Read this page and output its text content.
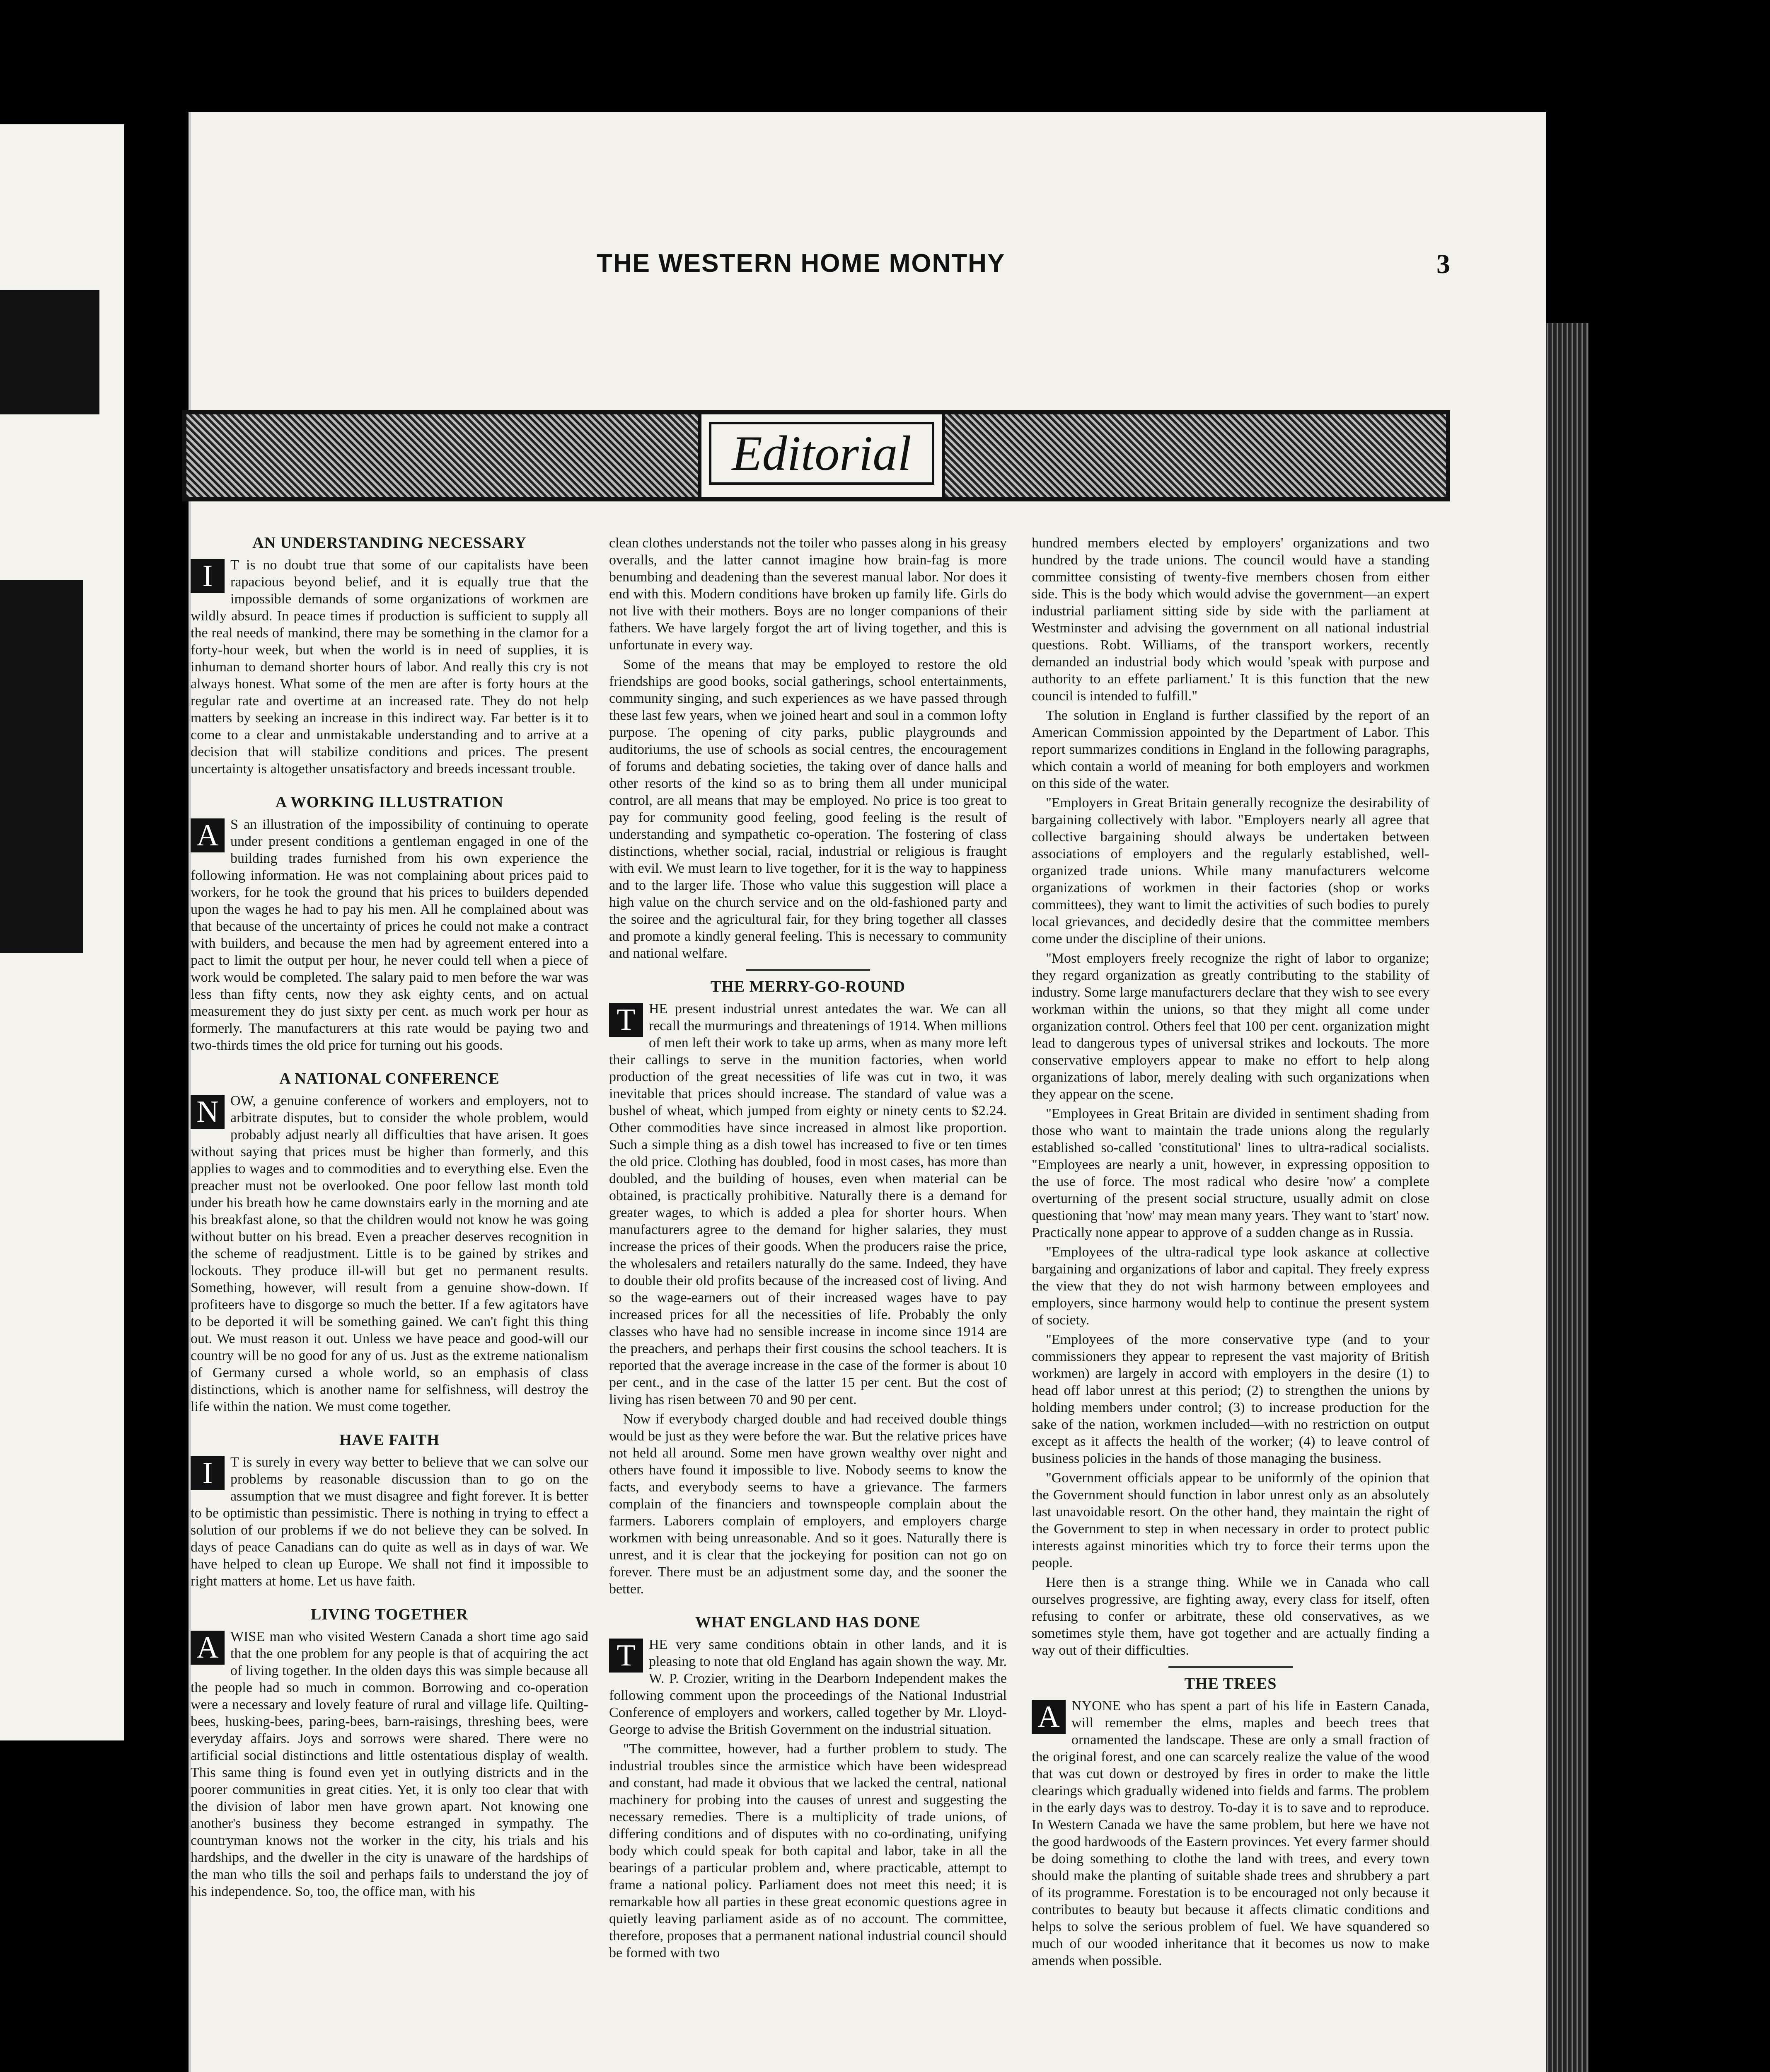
THE WESTERN HOME MONTHY	3
Editorial
AN UNDERSTANDING NECESSARY

I	T is no doubt true that some of our capitalists have been rapacious beyond belief, and it is equally true that the impossible demands of some organizations of workmen are wildly absurd. In peace times if production is sufficient to supply all the real needs of mankind, there may be something in the clamor for a forty-hour week, but when the world is in need of supplies, it is inhuman to demand shorter hours of labor. And really this cry is not always honest. What some of the men are after is forty hours at the regular rate and overtime at an increased rate. They do not help matters by seeking an increase in this indirect way. Far better is it to come to a clear and unmistakable understanding and to arrive at a decision that will stabilize conditions and prices. The present uncertainty is altogether unsatisfactory and breeds incessant trouble.

A WORKING ILLUSTRATION

A S an illustration of the impossibility of continuing to operate under present conditions a gentleman engaged in one of the building trades furnished from his own experience the following information. He was not complaining about prices paid to workers, for he took the ground that his prices to builders depended upon the wages he had to pay his men. All he complained about was that because of the uncertainty of prices he could not make a contract with builders, and because the men had by agreement entered into a pact to limit the output per hour, he never could tell when a piece of work would be completed. The salary paid to men before the war was less than fifty cents, now they ask eighty cents, and on actual measurement they do just sixty per cent. as much work per hour as formerly. The manufacturers at this rate would be paying two and two-thirds times the old price for turning out his goods.

A NATIONAL CONFERENCE

N OW, a genuine conference of workers and employers, not to arbitrate disputes, but to consider the whole problem, would probably adjust nearly all difficulties that have arisen. It goes without saying that prices must be higher than formerly, and this applies to wages and to commodities and to everything else. Even the preacher must not be overlooked. One poor fellow last month told under his breath how he came downstairs early in the morning and ate his breakfast alone, so that the children would not know he was going without butter on his bread. Even a preacher deserves recognition in the scheme of readjustment. Little is to be gained by strikes and lockouts. They produce ill-will but get no permanent results. Something, however, will result from a genuine show-down. If profiteers have to disgorge so much the better. If a few agitators have to be deported it will be something gained. We can't fight this thing out. We must reason it out. Unless we have peace and good-will our country will be no good for any of us. Just as the extreme nationalism of Germany cursed a whole world, so an emphasis of class distinctions, which is another name for selfishness, will destroy the life within the nation. We must come together.

HAVE FAITH

I	T is surely in every way better to believe that we can solve our problems by reasonable discussion than to go on the assumption that we must disagree and fight forever. It is better to be optimistic than pessimistic. There is nothing in trying to effect a solution of our problems if we do not believe they can be solved. In days of peace Canadians can do quite as well as in days of war. We have helped to clean up Europe. We shall not find it impossible to right matters at home. Let us have faith.

LIVING TOGETHER

A WISE man who visited Western Canada a short time ago said that the one problem for any people is that of acquiring the act of living together. In the olden days this was simple because all the people had so much in common. Borrowing and co-operation were a necessary and lovely feature of rural and village life. Quilting-bees, husking-bees, paring-bees, barn-raisings, threshing bees, were everyday affairs. Joys and sorrows were shared. There were no artificial social distinctions and little ostentatious display of wealth. This same thing is found even yet in outlying districts and in the poorer communities in great cities. Yet, it is only too clear that with the division of labor men have grown apart. Not knowing one another's business they become estranged in sympathy. The countryman knows not the worker in the city, his trials and his hardships, and the dweller in the city is unaware of the hardships of the man who tills the soil and perhaps fails to understand the joy of his independence. So, too, the office man, with his

clean clothes understands not the toiler who passes along in his greasy overalls, and the latter cannot imagine how brain-fag is more benumbing and deadening than the severest manual labor. Nor does it end with this. Modern conditions have broken up family life. Girls do not live with their mothers. Boys are no longer companions of their fathers. We have largely forgot the art of living together, and this is unfortunate in every way.

Some of the means that may be employed to restore the old friendships are good books, social gatherings, school entertainments, community singing, and such experiences as we have passed through these last few years, when we joined heart and soul in a common lofty purpose. The opening of city parks, public playgrounds and auditoriums, the use of schools as social centres, the encouragement of forums and debating societies, the taking over of dance halls and other resorts of the kind so as to bring them all under municipal control, are all means that may be employed. No price is too great to pay for community good feeling, good feeling is the result of understanding and sympathetic co-operation. The fostering of class distinctions, whether social, racial, industrial or religious is fraught with evil. We must learn to live together, for it is the way to happiness and to the larger life. Those who value this suggestion will place a high value on the church service and on the old-fashioned party and the soiree and the agricultural fair, for they bring together all classes and promote a kindly general feeling. This is necessary to community and national welfare.

THE MERRY-GO-ROUND

T HE present industrial unrest antedates the war. We can all recall the murmurings and threatenings of 1914. When millions of men left their work to take up arms, when as many more left their callings to serve in the munition factories, when world production of the great necessities of life was cut in two, it was inevitable that prices should increase. The standard of value was a bushel of wheat, which jumped from eighty or ninety cents to $2.24. Other commodities have since increased in almost like proportion. Such a simple thing as a dish towel has increased to five or ten times the old price. Clothing has doubled, food in most cases, has more than doubled, and the building of houses, even when material can be obtained, is practically prohibitive. Naturally there is a demand for greater wages, to which is added a plea for shorter hours. When manufacturers agree to the demand for higher salaries, they must increase the prices of their goods. When the producers raise the price, the wholesalers and retailers naturally do the same. Indeed, they have to double their old profits because of the increased cost of living. And so the wage-earners out of their increased wages have to pay increased prices for all the necessities of life. Probably the only classes who have had no sensible increase in income since 1914 are the preachers, and perhaps their first cousins the school teachers. It is reported that the average increase in the case of the former is about 10 per cent., and in the case of the latter 15 per cent. But the cost of living has risen between 70 and 90 per cent.

Now if everybody charged double and had received double things would be just as they were before the war. But the relative prices have not held all around. Some men have grown wealthy over night and others have found it impossible to live. Nobody seems to know the facts, and everybody seems to have a grievance. The farmers complain of the financiers and townspeople complain about the farmers. Laborers complain of employers, and employers charge workmen with being unreasonable. And so it goes. Naturally there is unrest, and it is clear that the jockeying for position can not go on forever. There must be an adjustment some day, and the sooner the better.

WHAT ENGLAND HAS DONE

T HE very same conditions obtain in other lands, and it is pleasing to note that old England has again shown the way. Mr. W. P. Crozier, writing in the Dearborn Independent makes the following comment upon the proceedings of the National Industrial Conference of employers and workers, called together by Mr. Lloyd-George to advise the British Government on the industrial situation.

"The committee, however, had a further problem to study. The industrial troubles since the armistice which have been widespread and constant, had made it obvious that we lacked the central, national machinery for probing into the causes of unrest and suggesting the necessary remedies. There is a multiplicity of trade unions, of differing conditions and of disputes with no co-ordinating, unifying body which could speak for both capital and labor, take in all the bearings of a particular problem and, where practicable, attempt to frame a national policy. Parliament does not meet this need; it is remarkable how all parties in these great economic questions agree in quietly leaving parliament aside as of no account. The committee, therefore, proposes that a permanent national industrial council should be formed with two

hundred members elected by employers' organizations and two hundred by the trade unions. The council would have a standing committee consisting of twenty-five members chosen from either side. This is the body which would advise the government—an expert industrial parliament sitting side by side with the parliament at Westminster and advising the government on all national industrial questions. Robt. Williams, of the transport workers, recently demanded an industrial body which would 'speak with purpose and authority to an effete parliament.' It is this function that the new council is intended to fulfill."

The solution in England is further classified by the report of an American Commission appointed by the Department of Labor. This report summarizes conditions in England in the following paragraphs, which contain a world of meaning for both employers and workmen on this side of the water.

"Employers in Great Britain generally recognize the desirability of bargaining collectively with labor. "Employers nearly all agree that collective bargaining should always be undertaken between associations of employers and the regularly established, well-organized trade unions. While many manufacturers welcome organizations of workmen in their factories (shop or works committees), they want to limit the activities of such bodies to purely local grievances, and decidedly desire that the committee members come under the discipline of their unions.

"Most employers freely recognize the right of labor to organize; they regard organization as greatly contributing to the stability of industry. Some large manufacturers declare that they wish to see every workman within the unions, so that they might all come under organization control. Others feel that 100 per cent. organization might lead to dangerous types of universal strikes and lockouts. The more conservative employers appear to make no effort to help along organizations of labor, merely dealing with such organizations when they appear on the scene.

"Employees in Great Britain are divided in sentiment shading from those who want to maintain the trade unions along the regularly established so-called 'constitutional' lines to ultra-radical socialists. "Employees are nearly a unit, however, in expressing opposition to the use of force. The most radical who desire 'now' a complete overturning of the present social structure, usually admit on close questioning that 'now' may mean many years. They want to 'start' now. Practically none appear to approve of a sudden change as in Russia.

"Employees of the ultra-radical type look askance at collective bargaining and organizations of labor and capital. They freely express the view that they do not wish harmony between employees and employers, since harmony would help to continue the present system of society.

"Employees of the more conservative type (and to your commissioners they appear to represent the vast majority of British workmen) are largely in accord with employers in the desire (1) to head off labor unrest at this period; (2) to strengthen the unions by holding members under control; (3) to increase production for the sake of the nation, workmen included—with no restriction on output except as it affects the health of the worker; (4) to leave control of business policies in the hands of those managing the business.

"Government officials appear to be uniformly of the opinion that the Government should function in labor unrest only as an absolutely last unavoidable resort. On the other hand, they maintain the right of the Government to step in when necessary in order to protect public interests against minorities which try to force their terms upon the people.

Here then is a strange thing. While we in Canada who call ourselves progressive, are fighting away, every class for itself, often refusing to confer or arbitrate, these old conservatives, as we sometimes style them, have got together and are actually finding a way out of their difficulties.

THE TREES

A NYONE who has spent a part of his life in Eastern Canada, will remember the elms, maples and beech trees that ornamented the landscape. These are only a small fraction of the original forest, and one can scarcely realize the value of the wood that was cut down or destroyed by fires in order to make the little clearings which gradually widened into fields and farms. The problem in the early days was to destroy. To-day it is to save and to reproduce. In Western Canada we have the same problem, but here we have not the good hardwoods of the Eastern provinces. Yet every farmer should be doing something to clothe the land with trees, and every town should make the planting of suitable shade trees and shrubbery a part of its programme. Forestation is to be encouraged not only because it contributes to beauty but because it affects climatic conditions and helps to solve the serious problem of fuel. We have squandered so much of our wooded inheritance that it becomes us now to make amends when possible.
